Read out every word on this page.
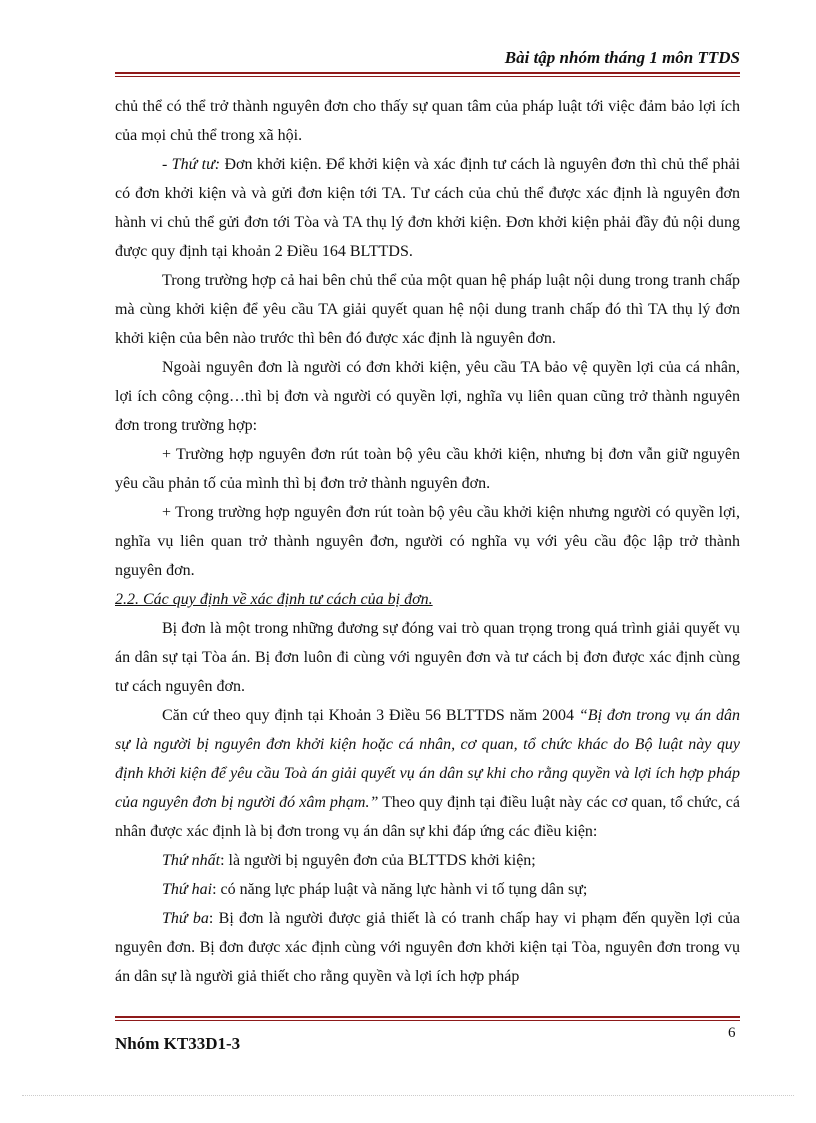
Bài tập nhóm tháng 1 môn TTDS

chủ thể có thể trở thành nguyên đơn cho thấy sự quan tâm của pháp luật tới việc đảm bảo lợi ích của mọi chủ thể trong xã hội.

- Thứ tư: Đơn khởi kiện. Để khởi kiện và xác định tư cách là nguyên đơn thì chủ thể phải có đơn khởi kiện và và gửi đơn kiện tới TA. Tư cách của chủ thể được xác định là nguyên đơn hành vi chủ thể gửi đơn tới Tòa và TA thụ lý đơn khởi kiện. Đơn khởi kiện phải đầy đủ nội dung được quy định tại khoản 2 Điều 164 BLTTDS.

Trong trường hợp cả hai bên chủ thể của một quan hệ pháp luật nội dung trong tranh chấp mà cùng khởi kiện để yêu cầu TA giải quyết quan hệ nội dung tranh chấp đó thì TA thụ lý đơn khởi kiện của bên nào trước thì bên đó được xác định là nguyên đơn.

Ngoài nguyên đơn là người có đơn khởi kiện, yêu cầu TA bảo vệ quyền lợi của cá nhân, lợi ích công cộng…thì bị đơn và người có quyền lợi, nghĩa vụ liên quan cũng trở thành nguyên đơn trong trường hợp:

+ Trường hợp nguyên đơn rút toàn bộ yêu cầu khởi kiện, nhưng bị đơn vẫn giữ nguyên yêu cầu phản tố của mình thì bị đơn trở thành nguyên đơn.

+ Trong trường hợp nguyên đơn rút toàn bộ yêu cầu khởi kiện nhưng người có quyền lợi, nghĩa vụ liên quan trở thành nguyên đơn, người có nghĩa vụ với yêu cầu độc lập trở thành nguyên đơn.

2.2. Các quy định về xác định tư cách của bị đơn.

Bị đơn là một trong những đương sự đóng vai trò quan trọng trong quá trình giải quyết vụ án dân sự tại Tòa án. Bị đơn luôn đi cùng với nguyên đơn và tư cách bị đơn được xác định cùng tư cách nguyên đơn.

Căn cứ theo quy định tại Khoản 3 Điều 56 BLTTDS năm 2004 “Bị đơn trong vụ án dân sự là người bị nguyên đơn khởi kiện hoặc cá nhân, cơ quan, tổ chức khác do Bộ luật này quy định khởi kiện để yêu cầu Toà án giải quyết vụ án dân sự khi cho rằng quyền và lợi ích hợp pháp của nguyên đơn bị người đó xâm phạm.” Theo quy định tại điều luật này các cơ quan, tổ chức, cá nhân được xác định là bị đơn trong vụ án dân sự khi đáp ứng các điều kiện:

Thứ nhất: là người bị nguyên đơn của BLTTDS khởi kiện;

Thứ hai: có năng lực pháp luật và năng lực hành vi tố tụng dân sự;

Thứ ba: Bị đơn là người được giả thiết là có tranh chấp hay vi phạm đến quyền lợi của nguyên đơn. Bị đơn được xác định cùng với nguyên đơn khởi kiện tại Tòa, nguyên đơn trong vụ án dân sự là người giả thiết cho rằng quyền và lợi ích hợp pháp

Nhóm KT33D1-3
6
